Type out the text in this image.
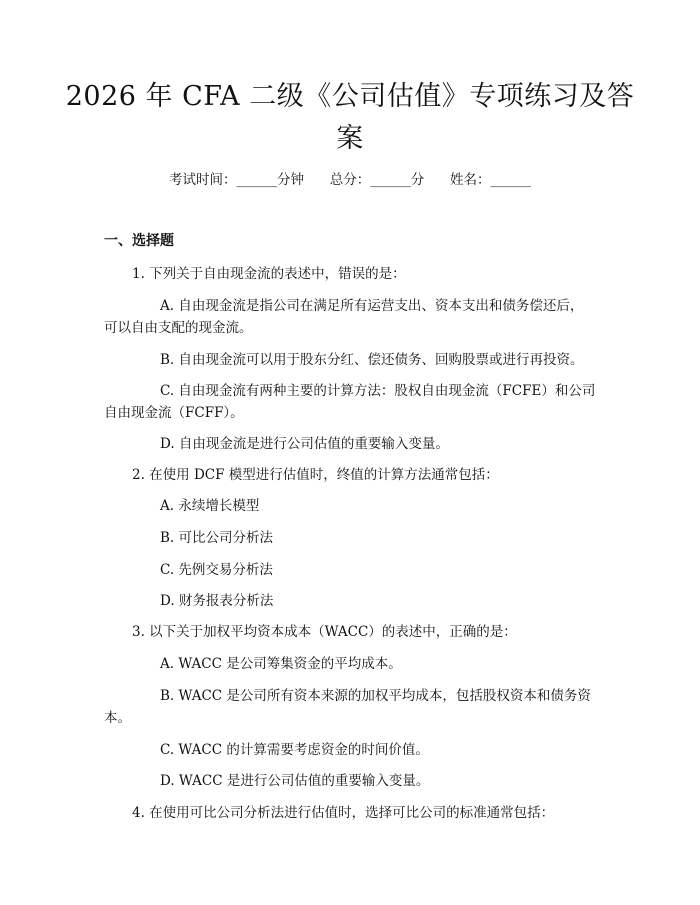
2026 年 CFA 二级《公司估值》专项练习及答
案
考试时间：______分钟 总分：______分 姓名：______
一、选择题

1. 下列关于自由现金流的表述中，错误的是：

A. 自由现金流是指公司在满足所有运营支出、资本支出和债务偿还后，

可以自由支配的现金流。

B. 自由现金流可以用于股东分红、偿还债务、回购股票或进行再投资。

C. 自由现金流有两种主要的计算方法：股权自由现金流（FCFE）和公司

自由现金流（FCFF）。

D. 自由现金流是进行公司估值的重要输入变量。

2. 在使用 DCF 模型进行估值时，终值的计算方法通常包括：

A. 永续增长模型

B. 可比公司分析法

C. 先例交易分析法

D. 财务报表分析法

3. 以下关于加权平均资本成本（WACC）的表述中，正确的是：

A. WACC 是公司筹集资金的平均成本。

B. WACC 是公司所有资本来源的加权平均成本，包括股权资本和债务资

本。

C. WACC 的计算需要考虑资金的时间价值。

D. WACC 是进行公司估值的重要输入变量。

4. 在使用可比公司分析法进行估值时，选择可比公司的标准通常包括：
